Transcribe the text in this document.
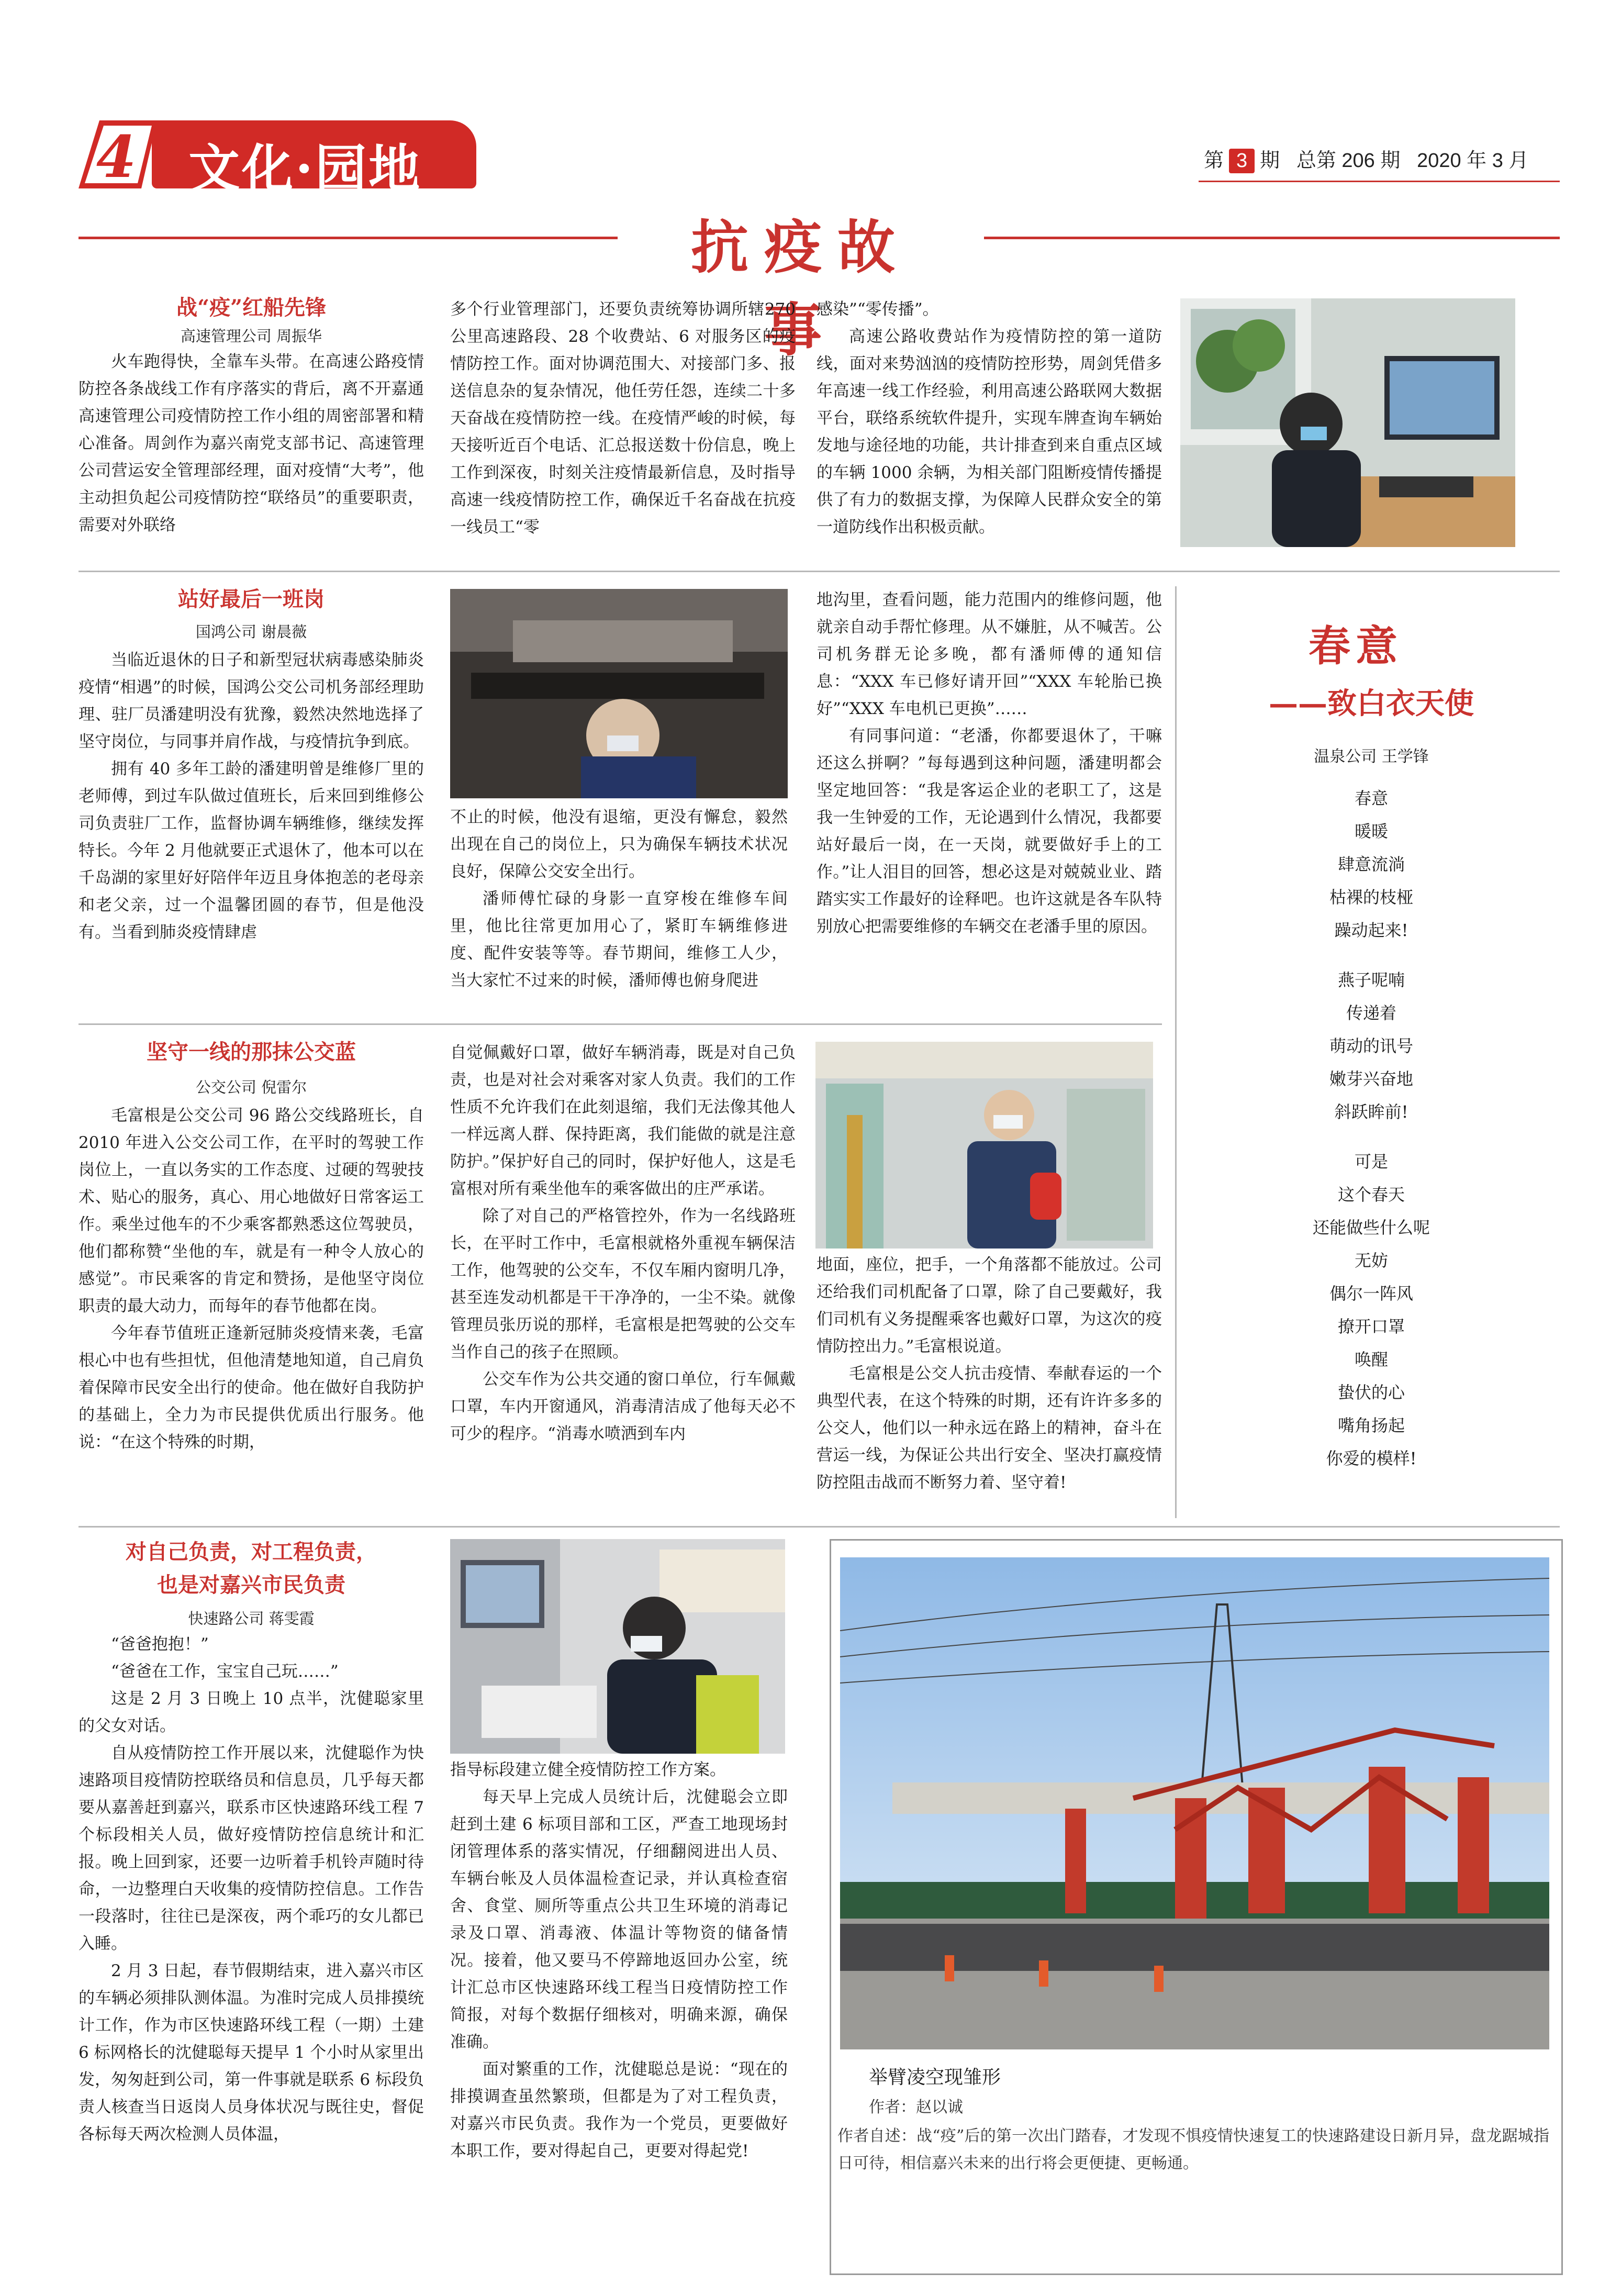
4 文化·园地	第 3 期 总第 206 期 2020 年 3 月
抗疫故事
战“疫”红船先锋
高速管理公司 周振华

火车跑得快，全靠车头带。在高速公路疫情防控各条战线工作有序落实的背后，离不开嘉通高速管理公司疫情防控工作小组的周密部署和精心准备。周剑作为嘉兴南党支部书记、高速管理公司营运安全管理部经理，面对疫情“大考”，他主动担负起公司疫情防控“联络员”的重要职责，需要对外联络

多个行业管理部门，还要负责统筹协调所辖270 公里高速路段、28 个收费站、6 对服务区的疫情防控工作。面对协调范围大、对接部门多、报送信息杂的复杂情况，他任劳任怨，连续二十多天奋战在疫情防控一线。在疫情严峻的时候，每天接听近百个电话、汇总报送数十份信息，晚上工作到深夜，时刻关注疫情最新信息，及时指导高速一线疫情防控工作，确保近千名奋战在抗疫一线员工“零

感染”“零传播”。

高速公路收费站作为疫情防控的第一道防线，面对来势汹汹的疫情防控形势，周剑凭借多年高速一线工作经验，利用高速公路联网大数据平台，联络系统软件提升，实现车牌查询车辆始发地与途径地的功能，共计排查到来自重点区域的车辆 1000 余辆，为相关部门阻断疫情传播提供了有力的数据支撑，为保障人民群众安全的第一道防线作出积极贡献。

站好最后一班岗
国鸿公司 谢晨薇

当临近退休的日子和新型冠状病毒感染肺炎疫情“相遇”的时候，国鸿公交公司机务部经理助理、驻厂员潘建明没有犹豫，毅然决然地选择了坚守岗位，与同事并肩作战，与疫情抗争到底。

拥有 40 多年工龄的潘建明曾是维修厂里的老师傅，到过车队做过值班长，后来回到维修公司负责驻厂工作，监督协调车辆维修，继续发挥特长。今年 2 月他就要正式退休了，他本可以在千岛湖的家里好好陪伴年迈且身体抱恙的老母亲和老父亲，过一个温馨团圆的春节，但是他没有。当看到肺炎疫情肆虐

不止的时候，他没有退缩，更没有懈怠，毅然出现在自己的岗位上，只为确保车辆技术状况良好，保障公交安全出行。

潘师傅忙碌的身影一直穿梭在维修车间里，他比往常更加用心了，紧盯车辆维修进度、配件安装等等。春节期间，维修工人少，当大家忙不过来的时候，潘师傅也俯身爬进

地沟里，查看问题，能力范围内的维修问题，他就亲自动手帮忙修理。从不嫌脏，从不喊苦。公司机务群无论多晚，都有潘师傅的通知信息：“XXX 车已修好请开回”“XXX 车轮胎已换好”“XXX 车电机已更换”……

有同事问道：“老潘，你都要退休了，干嘛还这么拼啊？”每每遇到这种问题，潘建明都会坚定地回答：“我是客运企业的老职工了，这是我一生钟爱的工作，无论遇到什么情况，我都要站好最后一岗，在一天岗，就要做好手上的工作。”让人泪目的回答，想必这是对兢兢业业、踏踏实实工作最好的诠释吧。也许这就是各车队特别放心把需要维修的车辆交在老潘手里的原因。

春意
——致白衣天使
温泉公司 王学锋
春意
暖暖
肆意流淌
枯裸的枝桠
躁动起来!
燕子呢喃
传递着
萌动的讯号
嫩芽兴奋地
斜跃眸前!
可是
这个春天
还能做些什么呢
无妨
偶尔一阵风
撩开口罩
唤醒
蛰伏的心
嘴角扬起
你爱的模样!
坚守一线的那抹公交蓝
公交公司 倪雷尔

毛富根是公交公司 96 路公交线路班长，自 2010 年进入公交公司工作，在平时的驾驶工作岗位上，一直以务实的工作态度、过硬的驾驶技术、贴心的服务，真心、用心地做好日常客运工作。乘坐过他车的不少乘客都熟悉这位驾驶员，他们都称赞“坐他的车，就是有一种令人放心的感觉”。市民乘客的肯定和赞扬，是他坚守岗位职责的最大动力，而每年的春节他都在岗。

今年春节值班正逢新冠肺炎疫情来袭，毛富根心中也有些担忧，但他清楚地知道，自己肩负着保障市民安全出行的使命。他在做好自我防护的基础上，全力为市民提供优质出行服务。他说：“在这个特殊的时期，

自觉佩戴好口罩，做好车辆消毒，既是对自己负责，也是对社会对乘客对家人负责。我们的工作性质不允许我们在此刻退缩，我们无法像其他人一样远离人群、保持距离，我们能做的就是注意防护。”保护好自己的同时，保护好他人，这是毛富根对所有乘坐他车的乘客做出的庄严承诺。

除了对自己的严格管控外，作为一名线路班长，在平时工作中，毛富根就格外重视车辆保洁工作，他驾驶的公交车，不仅车厢内窗明几净，甚至连发动机都是干干净净的，一尘不染。就像管理员张历说的那样，毛富根是把驾驶的公交车当作自己的孩子在照顾。

公交车作为公共交通的窗口单位，行车佩戴口罩，车内开窗通风，消毒清洁成了他每天必不可少的程序。“消毒水喷洒到车内

地面，座位，把手，一个角落都不能放过。公司还给我们司机配备了口罩，除了自己要戴好，我们司机有义务提醒乘客也戴好口罩，为这次的疫情防控出力。”毛富根说道。

毛富根是公交人抗击疫情、奉献春运的一个典型代表，在这个特殊的时期，还有许许多多的公交人，他们以一种永远在路上的精神，奋斗在营运一线，为保证公共出行安全、坚决打赢疫情防控阻击战而不断努力着、坚守着!

对自己负责，对工程负责，
也是对嘉兴市民负责
快速路公司 蒋雯霞

“爸爸抱抱！”

“爸爸在工作，宝宝自己玩……”

这是 2 月 3 日晚上 10 点半，沈健聪家里的父女对话。

自从疫情防控工作开展以来，沈健聪作为快速路项目疫情防控联络员和信息员，几乎每天都要从嘉善赶到嘉兴，联系市区快速路环线工程 7 个标段相关人员，做好疫情防控信息统计和汇报。晚上回到家，还要一边听着手机铃声随时待命，一边整理白天收集的疫情防控信息。工作告一段落时，往往已是深夜，两个乖巧的女儿都已入睡。

2 月 3 日起，春节假期结束，进入嘉兴市区的车辆必须排队测体温。为准时完成人员排摸统计工作，作为市区快速路环线工程（一期）土建 6 标网格长的沈健聪每天提早 1 个小时从家里出发，匆匆赶到公司，第一件事就是联系 6 标段负责人核查当日返岗人员身体状况与既往史，督促各标每天两次检测人员体温，

指导标段建立健全疫情防控工作方案。

每天早上完成人员统计后，沈健聪会立即赶到土建 6 标项目部和工区，严查工地现场封闭管理体系的落实情况，仔细翻阅进出人员、车辆台帐及人员体温检查记录，并认真检查宿舍、食堂、厕所等重点公共卫生环境的消毒记录及口罩、消毒液、体温计等物资的储备情况。接着，他又要马不停蹄地返回办公室，统计汇总市区快速路环线工程当日疫情防控工作简报，对每个数据仔细核对，明确来源，确保准确。

面对繁重的工作，沈健聪总是说：“现在的排摸调查虽然繁琐，但都是为了对工程负责，对嘉兴市民负责。我作为一个党员，更要做好本职工作，要对得起自己，更要对得起党!

举臂凌空现雏形
作者：赵以诚
作者自述：战“疫”后的第一次出门踏春，才发现不惧疫情快速复工的快速路建设日新月异，盘龙踞城指日可待，相信嘉兴未来的出行将会更便捷、更畅通。
